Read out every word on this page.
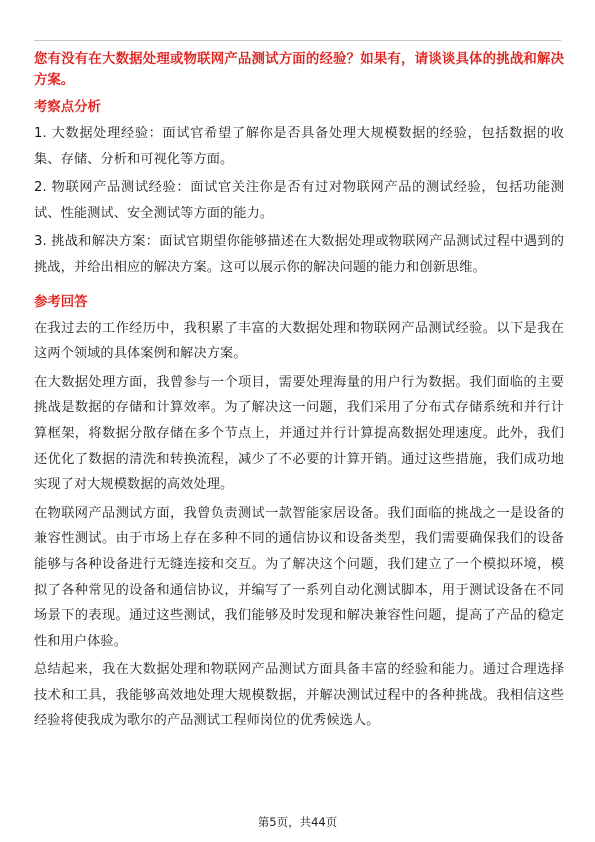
您有没有在大数据处理或物联网产品测试方面的经验？如果有，请谈谈具体的挑战和解决方案。

考察点分析

1. 大数据处理经验：面试官希望了解你是否具备处理大规模数据的经验，包括数据的收集、存储、分析和可视化等方面。

2. 物联网产品测试经验：面试官关注你是否有过对物联网产品的测试经验，包括功能测试、性能测试、安全测试等方面的能力。

3. 挑战和解决方案：面试官期望你能够描述在大数据处理或物联网产品测试过程中遇到的挑战，并给出相应的解决方案。这可以展示你的解决问题的能力和创新思维。

参考回答

在我过去的工作经历中，我积累了丰富的大数据处理和物联网产品测试经验。以下是我在这两个领域的具体案例和解决方案。

在大数据处理方面，我曾参与一个项目，需要处理海量的用户行为数据。我们面临的主要挑战是数据的存储和计算效率。为了解决这一问题，我们采用了分布式存储系统和并行计算框架，将数据分散存储在多个节点上，并通过并行计算提高数据处理速度。此外，我们还优化了数据的清洗和转换流程，减少了不必要的计算开销。通过这些措施，我们成功地实现了对大规模数据的高效处理。

在物联网产品测试方面，我曾负责测试一款智能家居设备。我们面临的挑战之一是设备的兼容性测试。由于市场上存在多种不同的通信协议和设备类型，我们需要确保我们的设备能够与各种设备进行无缝连接和交互。为了解决这个问题，我们建立了一个模拟环境，模拟了各种常见的设备和通信协议，并编写了一系列自动化测试脚本，用于测试设备在不同场景下的表现。通过这些测试，我们能够及时发现和解决兼容性问题，提高了产品的稳定性和用户体验。

总结起来，我在大数据处理和物联网产品测试方面具备丰富的经验和能力。通过合理选择技术和工具，我能够高效地处理大规模数据，并解决测试过程中的各种挑战。我相信这些经验将使我成为歌尔的产品测试工程师岗位的优秀候选人。

第5页，共44页
